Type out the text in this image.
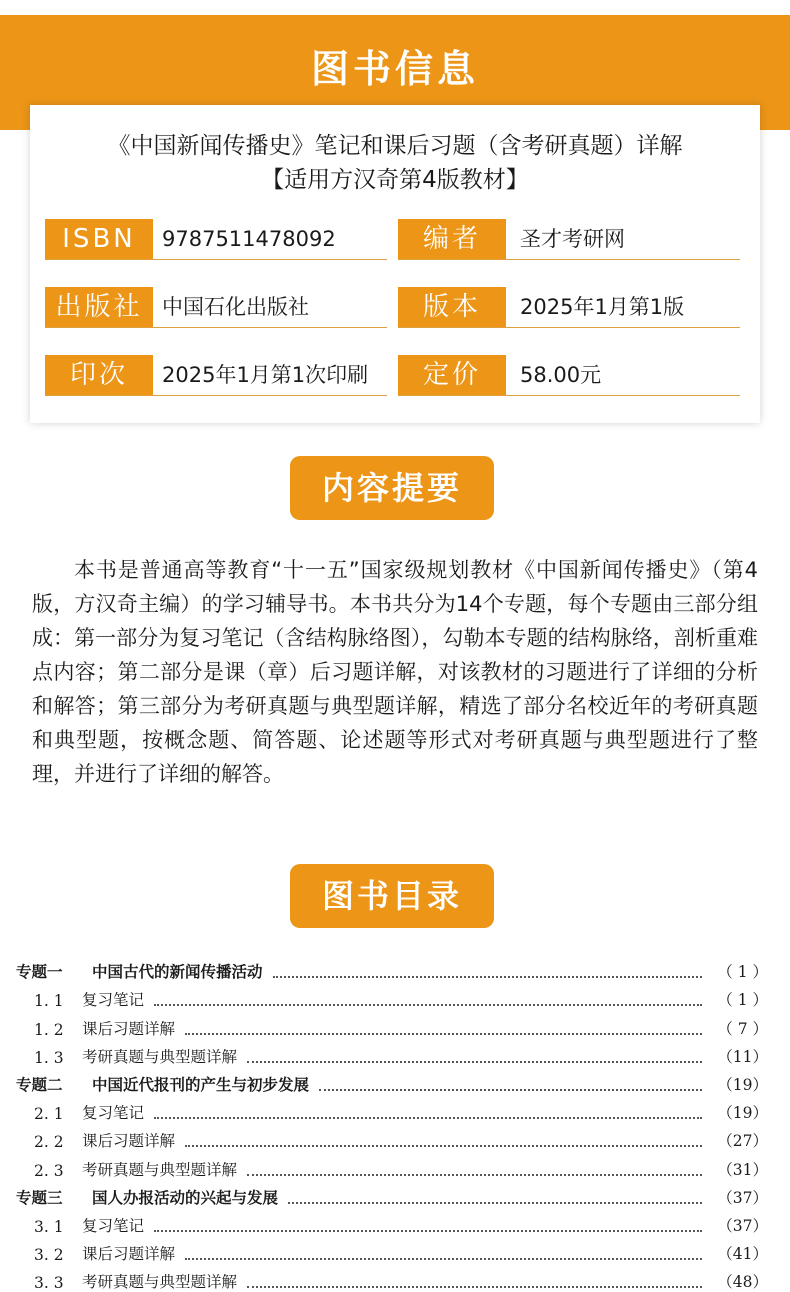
图书信息
《中国新闻传播史》笔记和课后习题（含考研真题）详解
【适用方汉奇第4版教材】
ISBN	9787511478092	编者	圣才考研网
出版社 中国石化出版社	版本	2025年1月第1版
印次	2025年1月第1次印刷	定价	58.00元
内容提要

本书是普通高等教育“十一五”国家级规划教材《中国新闻传播史》（第4版，方汉奇主编）的学习辅导书。本书共分为14个专题，每个专题由三部分组成：第一部分为复习笔记（含结构脉络图），勾勒本专题的结构脉络，剖析重难点内容；第二部分是课（章）后习题详解，对该教材的习题进行了详细的分析和解答；第三部分为考研真题与典型题详解，精选了部分名校近年的考研真题和典型题，按概念题、简答题、论述题等形式对考研真题与典型题进行了整理，并进行了详细的解答。

图书目录
专题一	中国古代的新闻传播活动	（ 1 ）
1. 1	复习笔记	（ 1 ）
1. 2	课后习题详解	（ 7 ）
1. 3	考研真题与典型题详解	（11）
专题二	中国近代报刊的产生与初步发展	（19）
2. 1	复习笔记	（19）
2. 2	课后习题详解	（27）
2. 3	考研真题与典型题详解	（31）
专题三	国人办报活动的兴起与发展	（37）
3. 1	复习笔记	（37）
3. 2	课后习题详解	（41）
3. 3	考研真题与典型题详解	（48）
